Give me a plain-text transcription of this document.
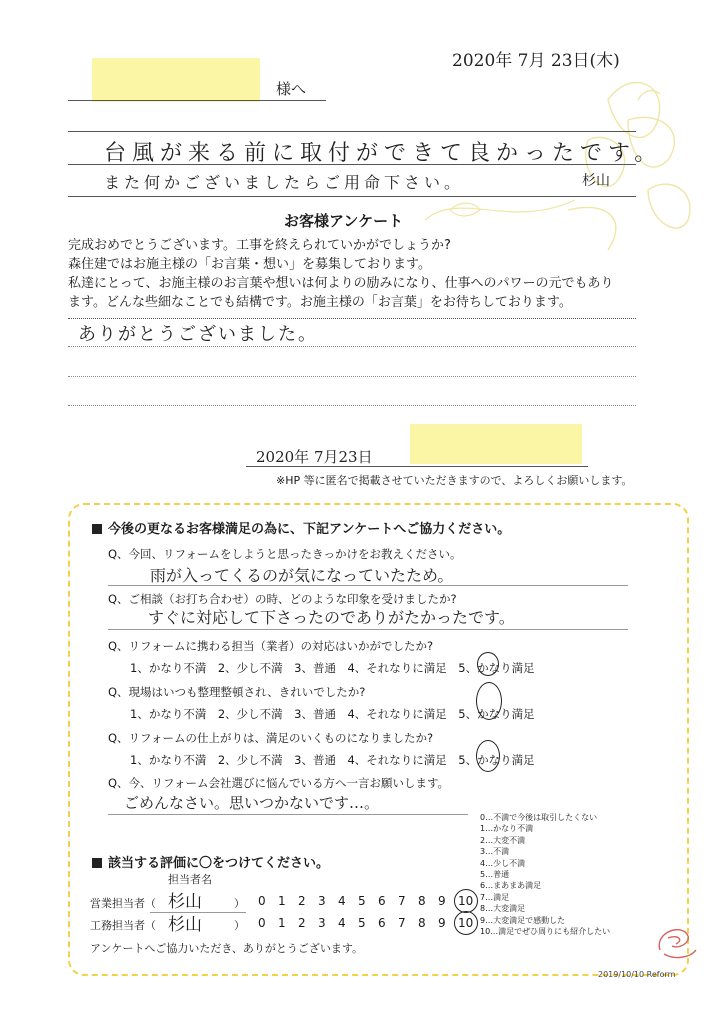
2020年 7月 23日(木)
様へ
台風が来る前に取付ができて良かったです。
また何かございましたらご用命下さい。	杉山
お客様アンケート
完成おめでとうございます。工事を終えられていかがでしょうか?
森住建ではお施主様の「お言葉・想い」を募集しております。
私達にとって、お施主様のお言葉や想いは何よりの励みになり、仕事へのパワーの元でもあり
ます。どんな些細なことでも結構です。お施主様の「お言葉」をお待ちしております。
ありがとうございました。
2020年 7月23日
※HP 等に匿名で掲載させていただきますので、よろしくお願いします。
今後の更なるお客様満足の為に、下記アンケートへご協力ください。
Q、今回、リフォームをしようと思ったきっかけをお教えください。
雨が入ってくるのが気になっていたため。
Q、ご相談（お打ち合わせ）の時、どのような印象を受けましたか?
すぐに対応して下さったのでありがたかったです。
Q、リフォームに携わる担当（業者）の対応はいかがでしたか?
1、かなり不満　2、少し不満　3、普通　4、それなりに満足　5、かなり満足
Q、現場はいつも整理整頓され、きれいでしたか?
1、かなり不満　2、少し不満　3、普通　4、それなりに満足　5、かなり満足
Q、リフォームの仕上がりは、満足のいくものになりましたか?
1、かなり不満　2、少し不満　3、普通　4、それなりに満足　5、かなり満足
Q、今、リフォーム会社選びに悩んでいる方へ一言お願いします。
ごめんなさい。思いつかないです…。
0…不満で今後は取引したくない
1…かなり不満
2…大変不満
3…不満
4…少し不満
5…普通
6…まあまあ満足
7…満足
8…大変満足
9…大変満足で感動した
10…満足でぜひ周りにも紹介したい
該当する評価に〇をつけてください。
担当者名
営業担当者（ 杉山	） 0 1 2 3 4 5 6 7 8 9 10
工務担当者（ 杉山	） 0 1 2 3 4 5 6 7 8 9 10
アンケートへご協力いただき、ありがとうございます。
2019/10/10 Reform
